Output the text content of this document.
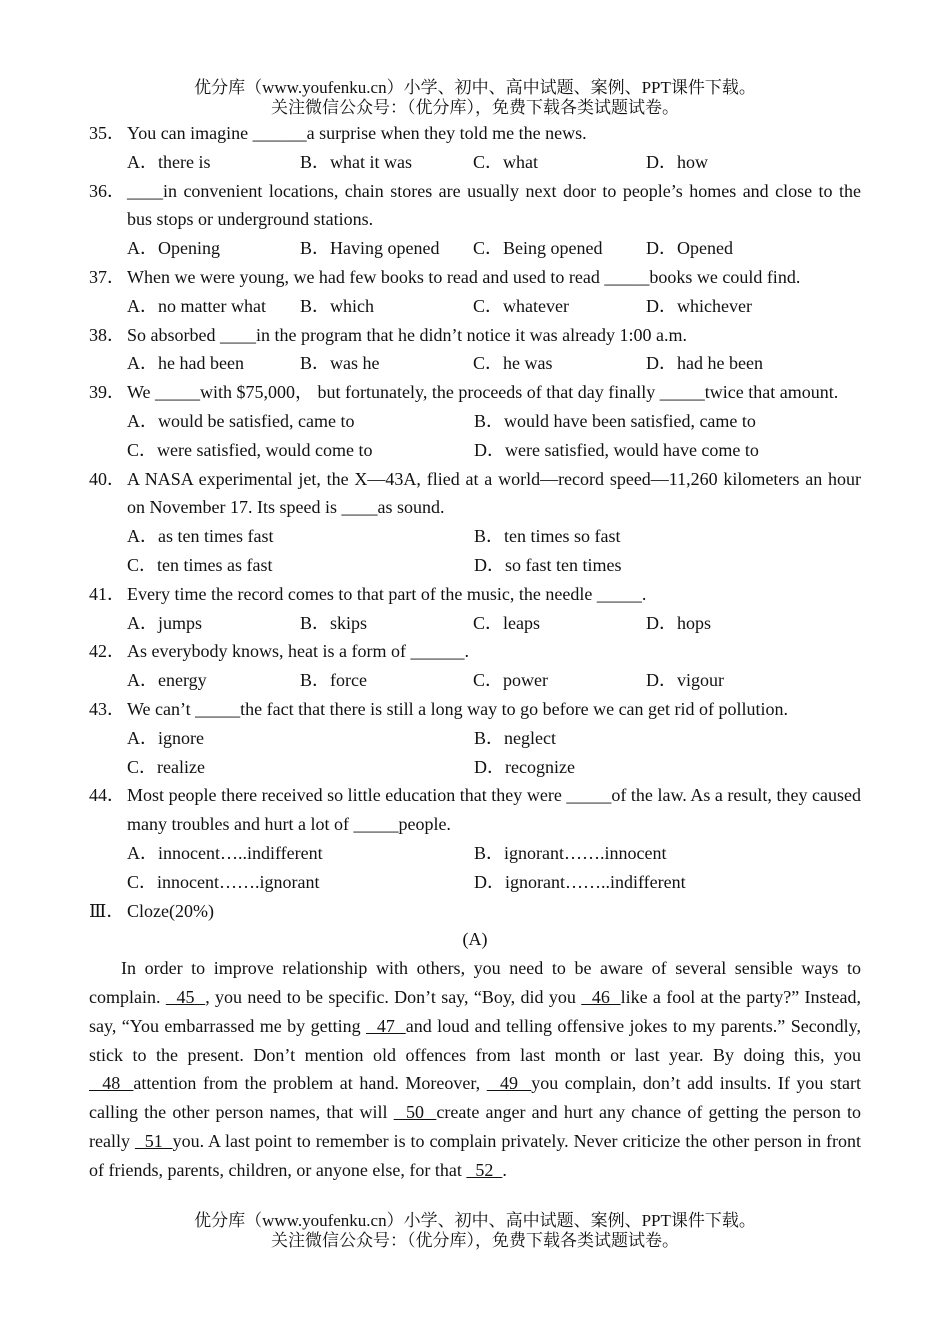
优分库（www.youfenku.cn）小学、初中、高中试题、案例、PPT课件下载。
关注微信公众号：（优分库），免费下载各类试题试卷。
35． You can imagine ______a surprise when they told me the news.
A．there is	B．what it was	C．what	D．how
36． ____in convenient locations, chain stores are usually next door to people’s homes and close to the bus stops or underground stations.
A．Opening	B．Having opened	C．Being opened	D．Opened
37． When we were young, we had few books to read and used to read _____books we could find.
A．no matter what	B．which	C．whatever	D．whichever
38． So absorbed ____in the program that he didn’t notice it was already 1:00 a.m.
A．he had been	B．was he	C．he was	D．had he been
39． We _____with $75,000， but fortunately, the proceeds of that day finally _____twice that amount.
A．would be satisfied, came to	B．would have been satisfied, came to
C．were satisfied, would come to	D．were satisfied, would have come to
40． A NASA experimental jet, the X—43A, flied at a world—record speed—11,260 kilometers an hour on November 17. Its speed is ____as sound.
A．as ten times fast	B．ten times so fast
C．ten times as fast	D．so fast ten times
41． Every time the record comes to that part of the music, the needle _____.
A．jumps	B．skips	C．leaps	D．hops
42． As everybody knows, heat is a form of ______.
A．energy	B．force	C．power	D．vigour
43． We can’t _____the fact that there is still a long way to go before we can get rid of pollution.
A．ignore	B．neglect
C．realize	D．recognize
44． Most people there received so little education that they were _____of the law. As a result, they caused many troubles and hurt a lot of _____people.
A．innocent…..indifferent	B．ignorant…….innocent
C．innocent…….ignorant	D．ignorant……..indifferent
Ⅲ． Cloze(20%)
(A)
In order to improve relationship with others, you need to be aware of several sensible ways to complain.   45  , you need to be specific. Don’t say, “Boy, did you   46  like a fool at the party?” Instead, say, “You embarrassed me by getting   47  and loud and telling offensive jokes to my parents.” Secondly, stick to the present. Don’t mention old offences from last month or last year. By doing this, you   48  attention from the problem at hand. Moreover,   49  you complain, don’t add insults. If you start calling the other person names, that will   50  create anger and hurt any chance of getting the person to really   51  you. A last point to remember is to complain privately. Never criticize the other person in front of friends, parents, children, or anyone else, for that   52  .
优分库（www.youfenku.cn）小学、初中、高中试题、案例、PPT课件下载。
关注微信公众号：（优分库），免费下载各类试题试卷。
